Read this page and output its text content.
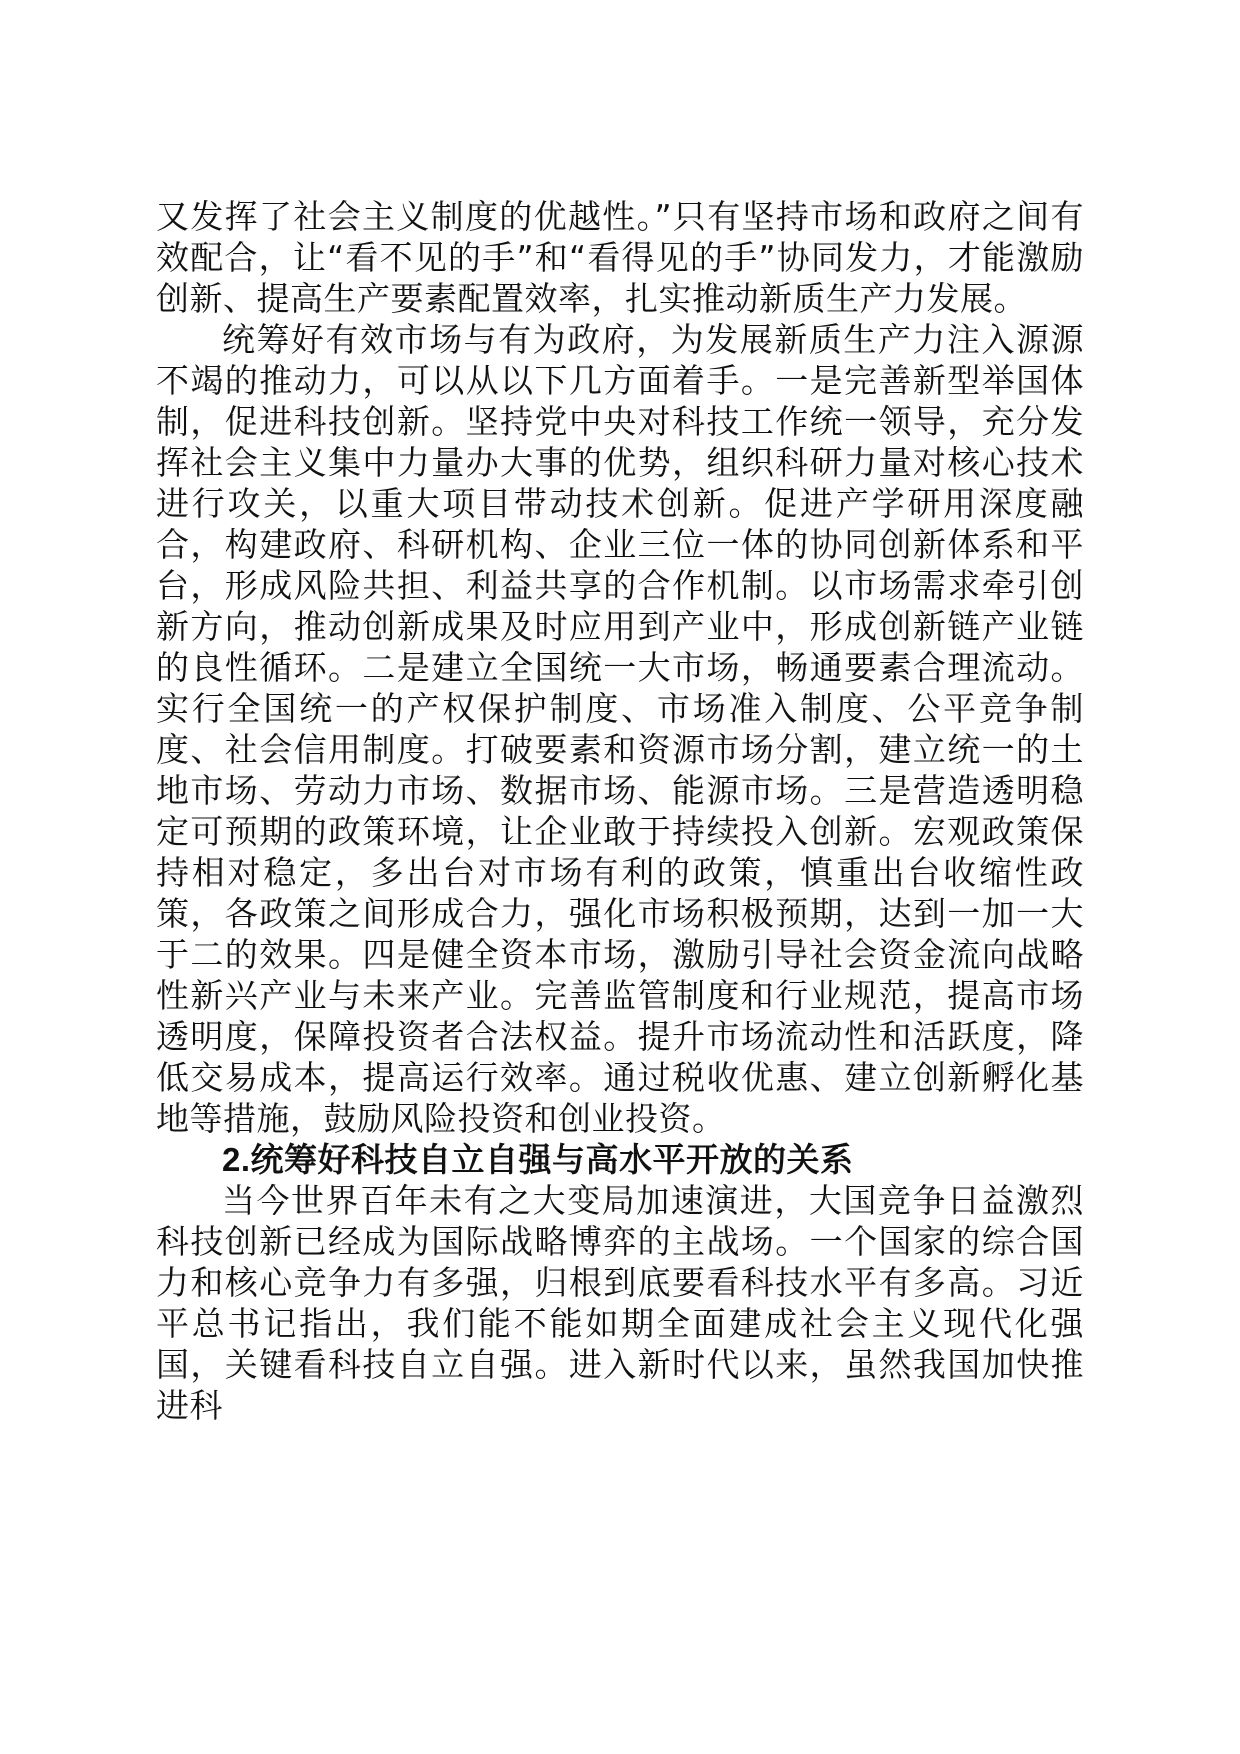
又发挥了社会主义制度的优越性。”只有坚持市场和政府之间有效配合，让“看不见的手”和“看得见的手”协同发力，才能激励创新、提高生产要素配置效率，扎实推动新质生产力发展。

统筹好有效市场与有为政府，为发展新质生产力注入源源不竭的推动力，可以从以下几方面着手。一是完善新型举国体制，促进科技创新。坚持党中央对科技工作统一领导，充分发挥社会主义集中力量办大事的优势，组织科研力量对核心技术进行攻关，以重大项目带动技术创新。促进产学研用深度融合，构建政府、科研机构、企业三位一体的协同创新体系和平台，形成风险共担、利益共享的合作机制。以市场需求牵引创新方向，推动创新成果及时应用到产业中，形成创新链产业链的良性循环。二是建立全国统一大市场，畅通要素合理流动。实行全国统一的产权保护制度、市场准入制度、公平竞争制度、社会信用制度。打破要素和资源市场分割，建立统一的土地市场、劳动力市场、数据市场、能源市场。三是营造透明稳定可预期的政策环境，让企业敢于持续投入创新。宏观政策保持相对稳定，多出台对市场有利的政策，慎重出台收缩性政策，各政策之间形成合力，强化市场积极预期，达到一加一大于二的效果。四是健全资本市场，激励引导社会资金流向战略性新兴产业与未来产业。完善监管制度和行业规范，提高市场透明度，保障投资者合法权益。提升市场流动性和活跃度，降低交易成本，提高运行效率。通过税收优惠、建立创新孵化基地等措施，鼓励风险投资和创业投资。

2.统筹好科技自立自强与高水平开放的关系

当今世界百年未有之大变局加速演进，大国竞争日益激烈科技创新已经成为国际战略博弈的主战场。一个国家的综合国力和核心竞争力有多强，归根到底要看科技水平有多高。习近平总书记指出，我们能不能如期全面建成社会主义现代化强国，关键看科技自立自强。进入新时代以来，虽然我国加快推进科
